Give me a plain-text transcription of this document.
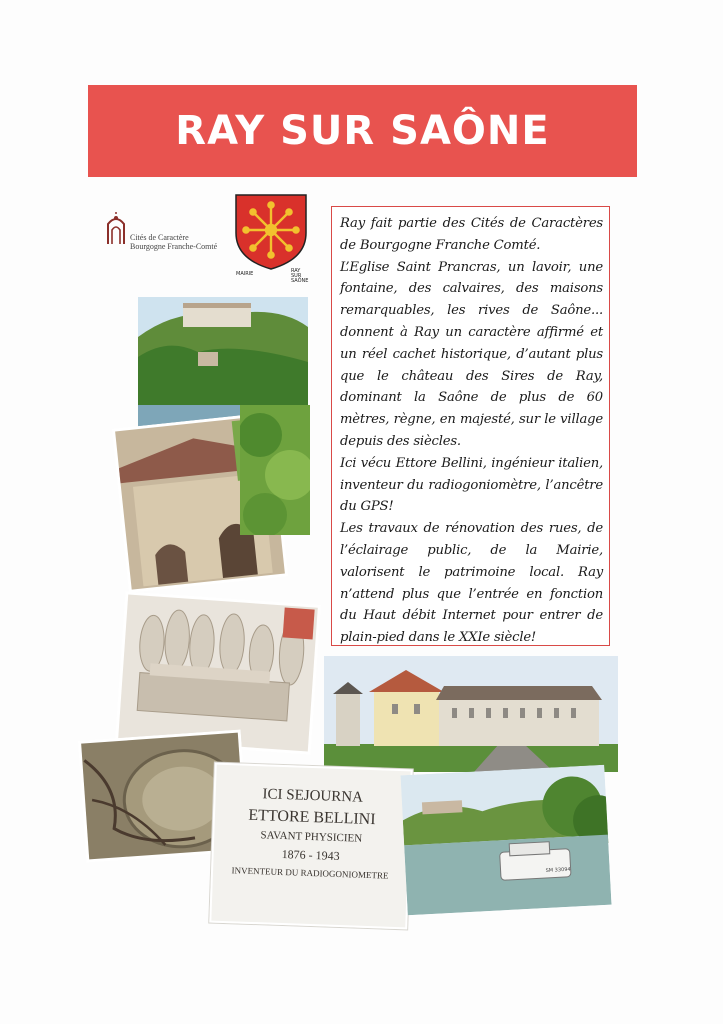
RAY SUR SAÔNE
Cités de Caractère
Bourgogne Franche-Comté
MAIRIE	RAY SUR SAÔNE

Ray fait partie des Cités de Caractères de Bourgogne Franche Comté.

L’Eglise Saint Prancras, un lavoir, une fontaine, des calvaires, des maisons remarquables, les rives de Saône... donnent à Ray un caractère affirmé et un réel cachet historique, d’autant plus que le château des Sires de Ray, dominant la Saône de plus de 60 mètres, règne, en majesté, sur le village depuis des siècles.

Ici vécu Ettore Bellini, ingénieur italien, inventeur du radiogoniomètre, l’ancêtre du GPS!

Les travaux de rénovation des rues, de l’éclairage public, de la Mairie, valorisent le patrimoine local. Ray n’attend plus que l’entrée en fonction du Haut débit Internet pour entrer de plain-pied dans le XXIe siècle!

ICI SEJOURNA
ETTORE BELLINI
SAVANT PHYSICIEN
1876 - 1943
INVENTEUR DU RADIOGONIOMETRE	SM 33094
